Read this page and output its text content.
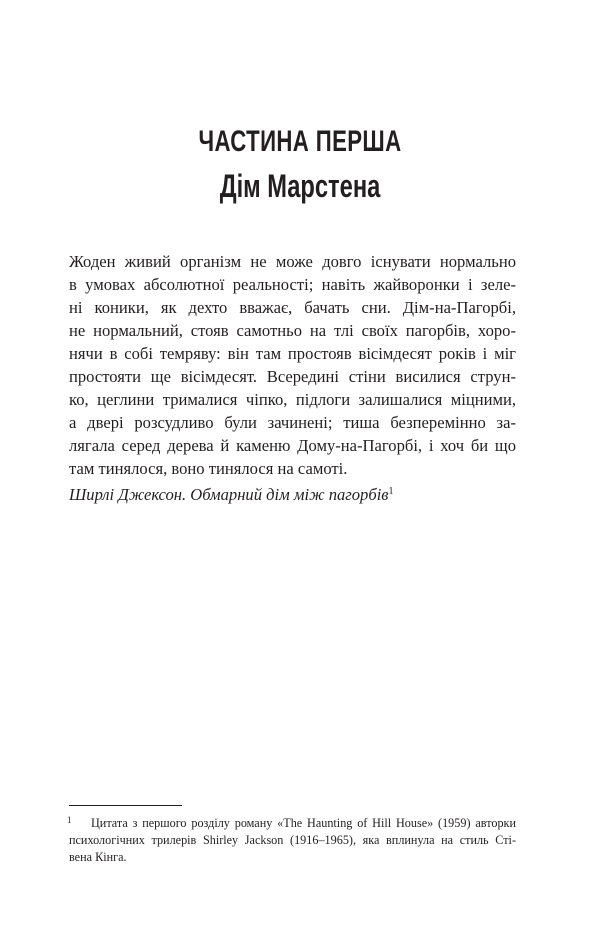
ЧАСТИНА ПЕРША
Дім Марстена

Жоден живий організм не може довго існувати нормально
в умовах абсолютної реальності; навіть жайворонки і зеле-
ні коники, як дехто вважає, бачать сни. Дім-на-Пагорбі,
не нормальний, стояв самотньо на тлі своїх пагорбів, хоро-
нячи в собі темряву: він там простояв вісімдесят років і міг
простояти ще вісімдесят. Всередині стіни висилися струн-
ко, цеглини трималися чіпко, підлоги залишалися міцними,
а двері розсудливо були зачинені; тиша безперемінно за-
лягала серед дерева й каменю Дому-на-Пагорбі, і хоч би що
там тинялося, воно тинялося на самоті.

Ширлі Джексон. Обмарний дім між пагорбів$^1$

1 Цитата з першого розділу роману «The Haunting of Hill House» (1959) авторки
психологічних трилерів Shirley Jackson (1916–1965), яка вплинула на стиль Сті-
вена Кінга.
